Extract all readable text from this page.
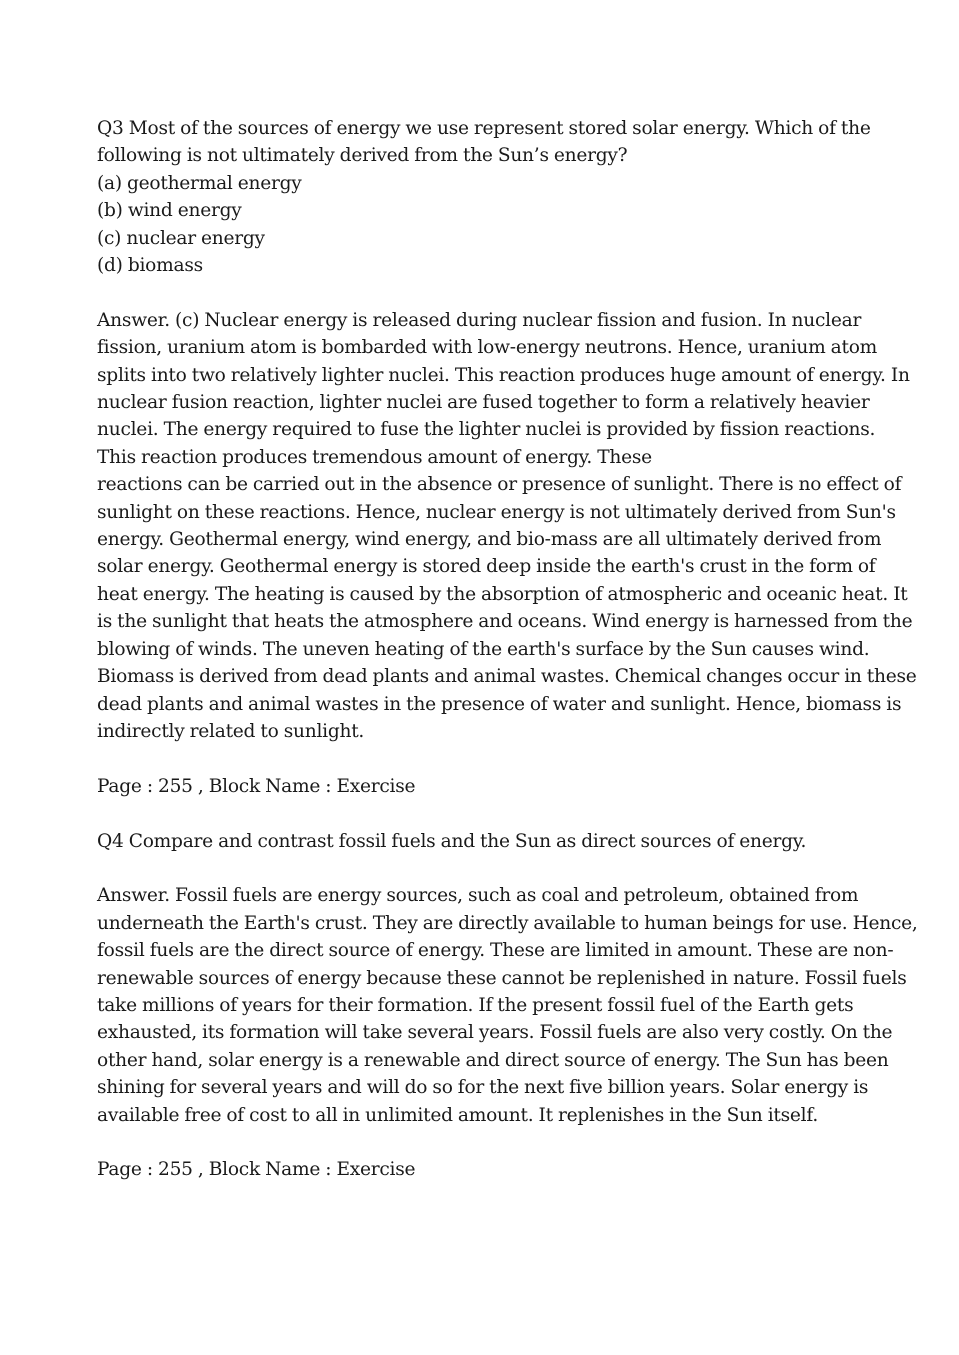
Q3 Most of the sources of energy we use represent stored solar energy. Which of the
following is not ultimately derived from the Sun’s energy?
(a) geothermal energy
(b) wind energy
(c) nuclear energy
(d) biomass
Answer. (c) Nuclear energy is released during nuclear fission and fusion. In nuclear
fission, uranium atom is bombarded with low-energy neutrons. Hence, uranium atom
splits into two relatively lighter nuclei. This reaction produces huge amount of energy. In
nuclear fusion reaction, lighter nuclei are fused together to form a relatively heavier
nuclei. The energy required to fuse the lighter nuclei is provided by fission reactions.
This reaction produces tremendous amount of energy. These
reactions can be carried out in the absence or presence of sunlight. There is no effect of
sunlight on these reactions. Hence, nuclear energy is not ultimately derived from Sun's
energy. Geothermal energy, wind energy, and bio-mass are all ultimately derived from
solar energy. Geothermal energy is stored deep inside the earth's crust in the form of
heat energy. The heating is caused by the absorption of atmospheric and oceanic heat. It
is the sunlight that heats the atmosphere and oceans. Wind energy is harnessed from the
blowing of winds. The uneven heating of the earth's surface by the Sun causes wind.
Biomass is derived from dead plants and animal wastes. Chemical changes occur in these
dead plants and animal wastes in the presence of water and sunlight. Hence, biomass is
indirectly related to sunlight.
Page : 255 , Block Name : Exercise
Q4 Compare and contrast fossil fuels and the Sun as direct sources of energy.
Answer. Fossil fuels are energy sources, such as coal and petroleum, obtained from
underneath the Earth's crust. They are directly available to human beings for use. Hence,
fossil fuels are the direct source of energy. These are limited in amount. These are non-
renewable sources of energy because these cannot be replenished in nature. Fossil fuels
take millions of years for their formation. If the present fossil fuel of the Earth gets
exhausted, its formation will take several years. Fossil fuels are also very costly. On the
other hand, solar energy is a renewable and direct source of energy. The Sun has been
shining for several years and will do so for the next five billion years. Solar energy is
available free of cost to all in unlimited amount. It replenishes in the Sun itself.
Page : 255 , Block Name : Exercise
